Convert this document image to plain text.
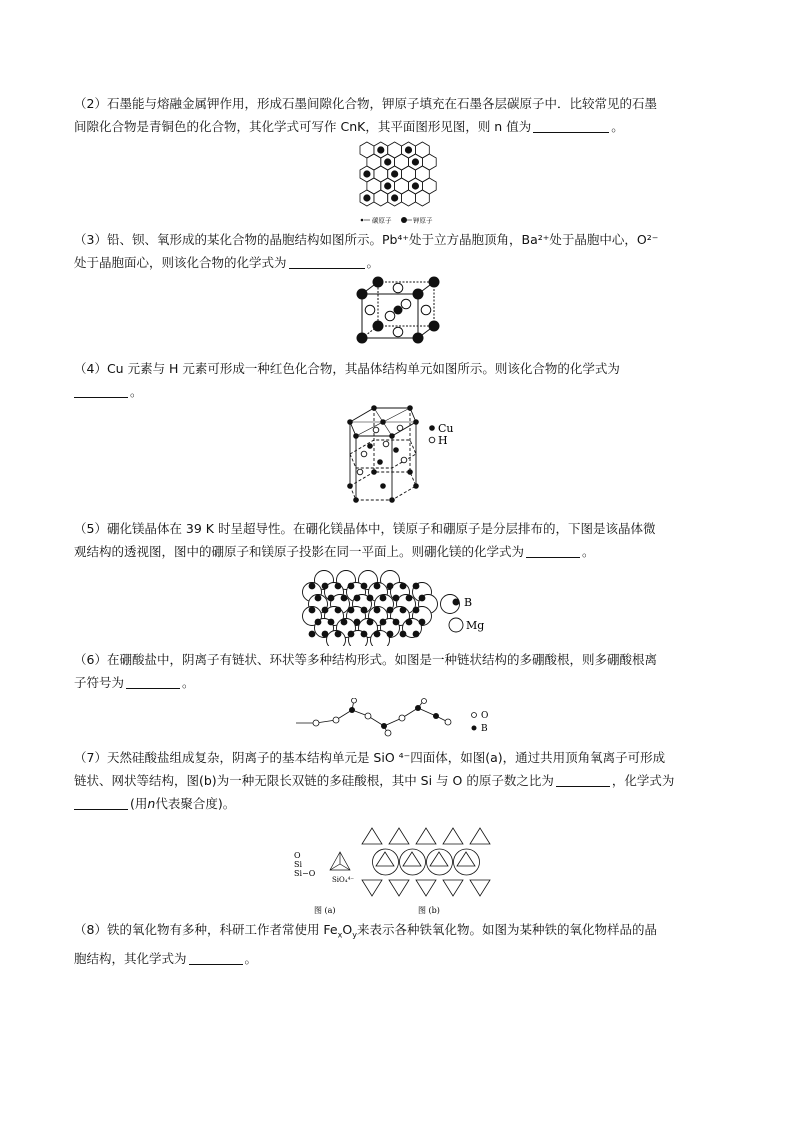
（2）石墨能与熔融金属钾作用，形成石墨间隙化合物，钾原子填充在石墨各层碳原子中．比较常见的石墨
间隙化合物是青铜色的化合物，其化学式可写作 CnK，其平面图形见图，则 n 值为	。

碳原子	钾原子

（3）铅、钡、氧形成的某化合物的晶胞结构如图所示。Pb⁴⁺处于立方晶胞顶角，Ba²⁺处于晶胞中心，O²⁻
处于晶胞面心，则该化合物的化学式为	。

（4）Cu 元素与 H 元素可形成一种红色化合物，其晶体结构单元如图所示。则该化合物的化学式为
。

Cu
H

（5）硼化镁晶体在 39 K 时呈超导性。在硼化镁晶体中，镁原子和硼原子是分层排布的，下图是该晶体微
观结构的透视图，图中的硼原子和镁原子投影在同一平面上。则硼化镁的化学式为	。

B
Mg

（6）在硼酸盐中，阴离子有链状、环状等多种结构形式。如图是一种链状结构的多硼酸根，则多硼酸根离
子符号为	。

O
B

（7）天然硅酸盐组成复杂，阴离子的基本结构单元是 SiO ⁴⁻四面体，如图(a)，通过共用顶角氧离子可形成
链状、网状等结构，图(b)为一种无限长双链的多硅酸根，其中 Si 与 O 的原子数之比为	，化学式为
(用n代表聚合度)。

O
Si
Si−O
SiO₄⁴⁻
图 (a)	图 (b)

（8）铁的氧化物有多种，科研工作者常使用 $Fe_xO_y$来表示各种铁氧化物。如图为某种铁的氧化物样品的晶
胞结构，其化学式为	。
